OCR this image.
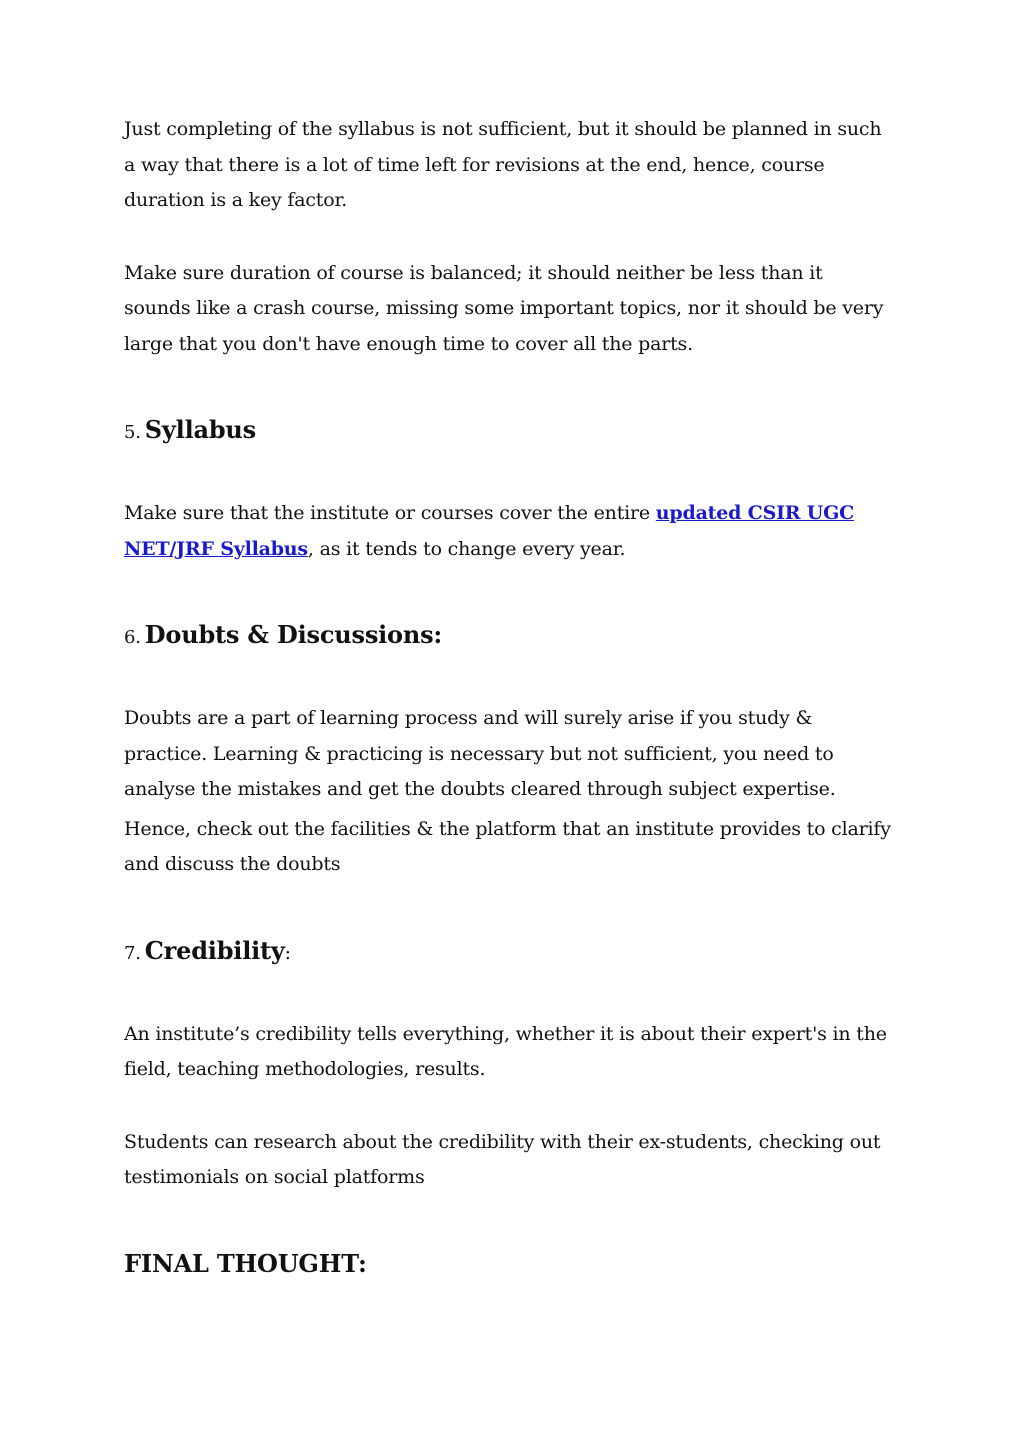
Just completing of the syllabus is not sufficient, but it should be planned in such a way that there is a lot of time left for revisions at the end, hence, course duration is a key factor.

Make sure duration of course is balanced; it should neither be less than it sounds like a crash course, missing some important topics, nor it should be very large that you don't have enough time to cover all the parts.

5. Syllabus

Make sure that the institute or courses cover the entire updated CSIR UGC NET/JRF Syllabus, as it tends to change every year.

6. Doubts & Discussions:

Doubts are a part of learning process and will surely arise if you study & practice. Learning & practicing is necessary but not sufficient, you need to analyse the mistakes and get the doubts cleared through subject expertise.

Hence, check out the facilities & the platform that an institute provides to clarify and discuss the doubts

7. Credibility:

An institute’s credibility tells everything, whether it is about their expert's in the field, teaching methodologies, results.

Students can research about the credibility with their ex-students, checking out testimonials on social platforms

FINAL THOUGHT:
